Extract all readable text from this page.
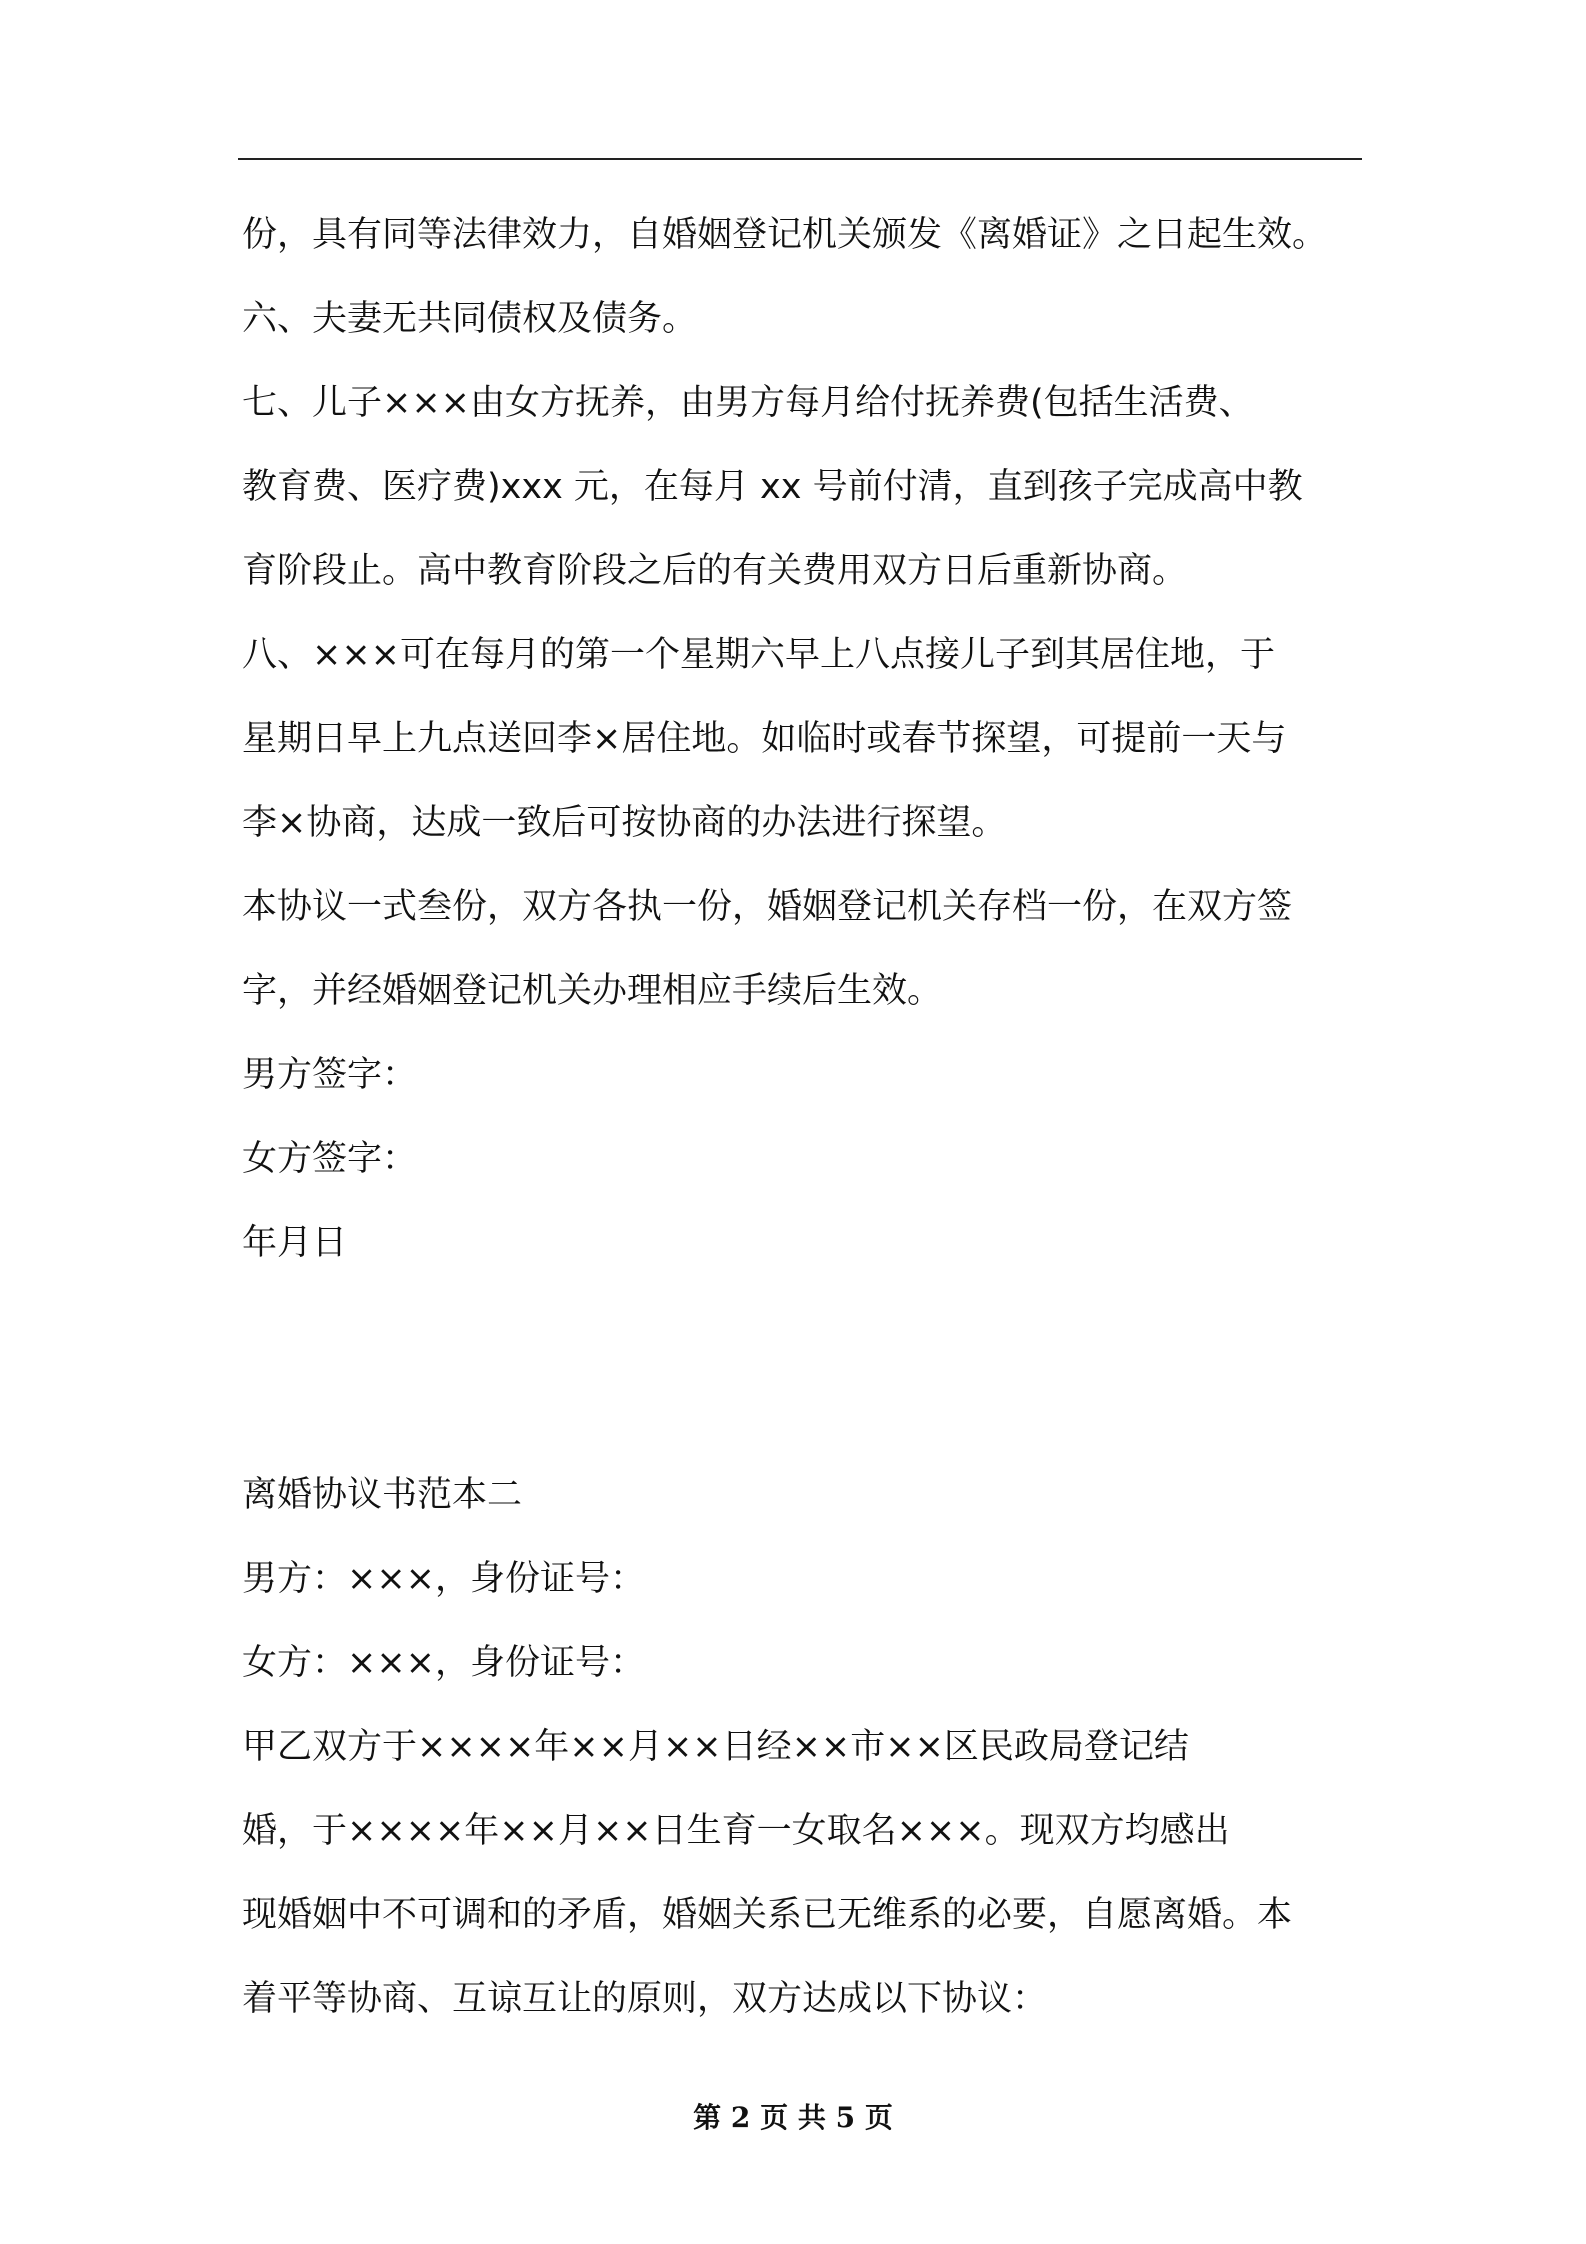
份，具有同等法律效力，自婚姻登记机关颁发《离婚证》之日起生效。
六、夫妻无共同债权及债务。
七、儿子×××由女方抚养，由男方每月给付抚养费(包括生活费、
教育费、医疗费)xxx 元，在每月 xx 号前付清，直到孩子完成高中教
育阶段止。高中教育阶段之后的有关费用双方日后重新协商。
八、×××可在每月的第一个星期六早上八点接儿子到其居住地，于
星期日早上九点送回李×居住地。如临时或春节探望，可提前一天与
李×协商，达成一致后可按协商的办法进行探望。
本协议一式叁份，双方各执一份，婚姻登记机关存档一份，在双方签
字，并经婚姻登记机关办理相应手续后生效。
男方签字：
女方签字：
年月日
离婚协议书范本二
男方：×××，身份证号：
女方：×××，身份证号：
甲乙双方于××××年××月××日经××市××区民政局登记结
婚，于××××年××月××日生育一女取名×××。现双方均感出
现婚姻中不可调和的矛盾，婚姻关系已无维系的必要，自愿离婚。本
着平等协商、互谅互让的原则，双方达成以下协议：
第 2 页 共 5 页
